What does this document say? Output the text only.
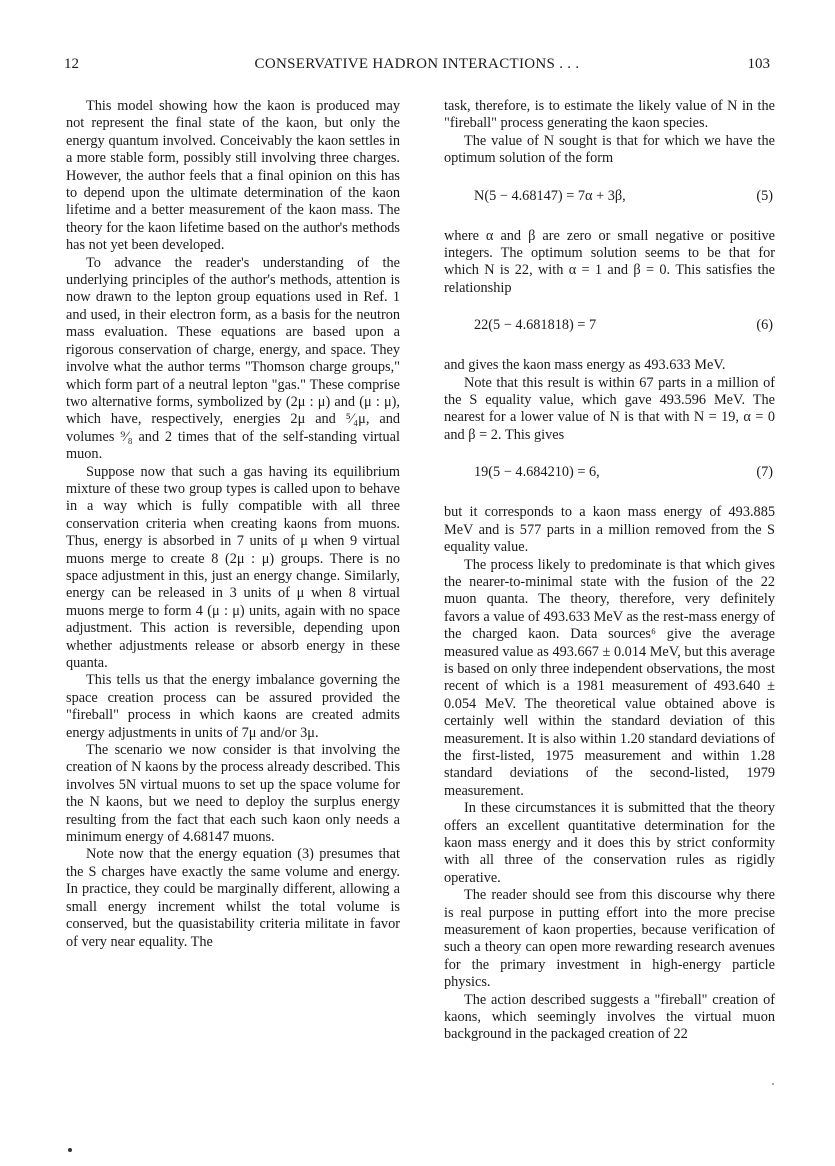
12	CONSERVATIVE HADRON INTERACTIONS . . .	103

This model showing how the kaon is produced may not represent the final state of the kaon, but only the energy quantum involved. Conceivably the kaon settles in a more stable form, possibly still involving three charges. However, the author feels that a final opinion on this has to depend upon the ultimate determination of the kaon lifetime and a better measurement of the kaon mass. The theory for the kaon lifetime based on the author's methods has not yet been developed.

To advance the reader's understanding of the underlying principles of the author's methods, attention is now drawn to the lepton group equations used in Ref. 1 and used, in their electron form, as a basis for the neutron mass evaluation. These equations are based upon a rigorous conservation of charge, energy, and space. They involve what the author terms "Thomson charge groups," which form part of a neutral lepton "gas." These comprise two alternative forms, symbolized by (2μ : μ) and (μ : μ), which have, respectively, energies 2μ and ⁵⁄₄μ, and volumes ⁹⁄₈ and 2 times that of the self-standing virtual muon.

Suppose now that such a gas having its equilibrium mixture of these two group types is called upon to behave in a way which is fully compatible with all three conservation criteria when creating kaons from muons. Thus, energy is absorbed in 7 units of μ when 9 virtual muons merge to create 8 (2μ : μ) groups. There is no space adjustment in this, just an energy change. Similarly, energy can be released in 3 units of μ when 8 virtual muons merge to form 4 (μ : μ) units, again with no space adjustment. This action is reversible, depending upon whether adjustments release or absorb energy in these quanta.

This tells us that the energy imbalance governing the space creation process can be assured provided the "fireball" process in which kaons are created admits energy adjustments in units of 7μ and/or 3μ.

The scenario we now consider is that involving the creation of N kaons by the process already described. This involves 5N virtual muons to set up the space volume for the N kaons, but we need to deploy the surplus energy resulting from the fact that each such kaon only needs a minimum energy of 4.68147 muons.

Note now that the energy equation (3) presumes that the S charges have exactly the same volume and energy. In practice, they could be marginally different, allowing a small energy increment whilst the total volume is conserved, but the quasistability criteria militate in favor of very near equality. The

task, therefore, is to estimate the likely value of N in the "fireball" process generating the kaon species.

The value of N sought is that for which we have the optimum solution of the form

N(5 − 4.68147) = 7α + 3β,	(5)

where α and β are zero or small negative or positive integers. The optimum solution seems to be that for which N is 22, with α = 1 and β = 0. This satisfies the relationship

22(5 − 4.681818) = 7	(6)

and gives the kaon mass energy as 493.633 MeV.

Note that this result is within 67 parts in a million of the S equality value, which gave 493.596 MeV. The nearest for a lower value of N is that with N = 19, α = 0 and β = 2. This gives

19(5 − 4.684210) = 6,	(7)

but it corresponds to a kaon mass energy of 493.885 MeV and is 577 parts in a million removed from the S equality value.

The process likely to predominate is that which gives the nearer-to-minimal state with the fusion of the 22 muon quanta. The theory, therefore, very definitely favors a value of 493.633 MeV as the rest-mass energy of the charged kaon. Data sources⁶ give the average measured value as 493.667 ± 0.014 MeV, but this average is based on only three independent observations, the most recent of which is a 1981 measurement of 493.640 ± 0.054 MeV. The theoretical value obtained above is certainly well within the standard deviation of this measurement. It is also within 1.20 standard deviations of the first-listed, 1975 measurement and within 1.28 standard deviations of the second-listed, 1979 measurement.

In these circumstances it is submitted that the theory offers an excellent quantitative determination for the kaon mass energy and it does this by strict conformity with all three of the conservation rules as rigidly operative.

The reader should see from this discourse why there is real purpose in putting effort into the more precise measurement of kaon properties, because verification of such a theory can open more rewarding research avenues for the primary investment in high-energy particle physics.

The action described suggests a "fireball" creation of kaons, which seemingly involves the virtual muon background in the packaged creation of 22
